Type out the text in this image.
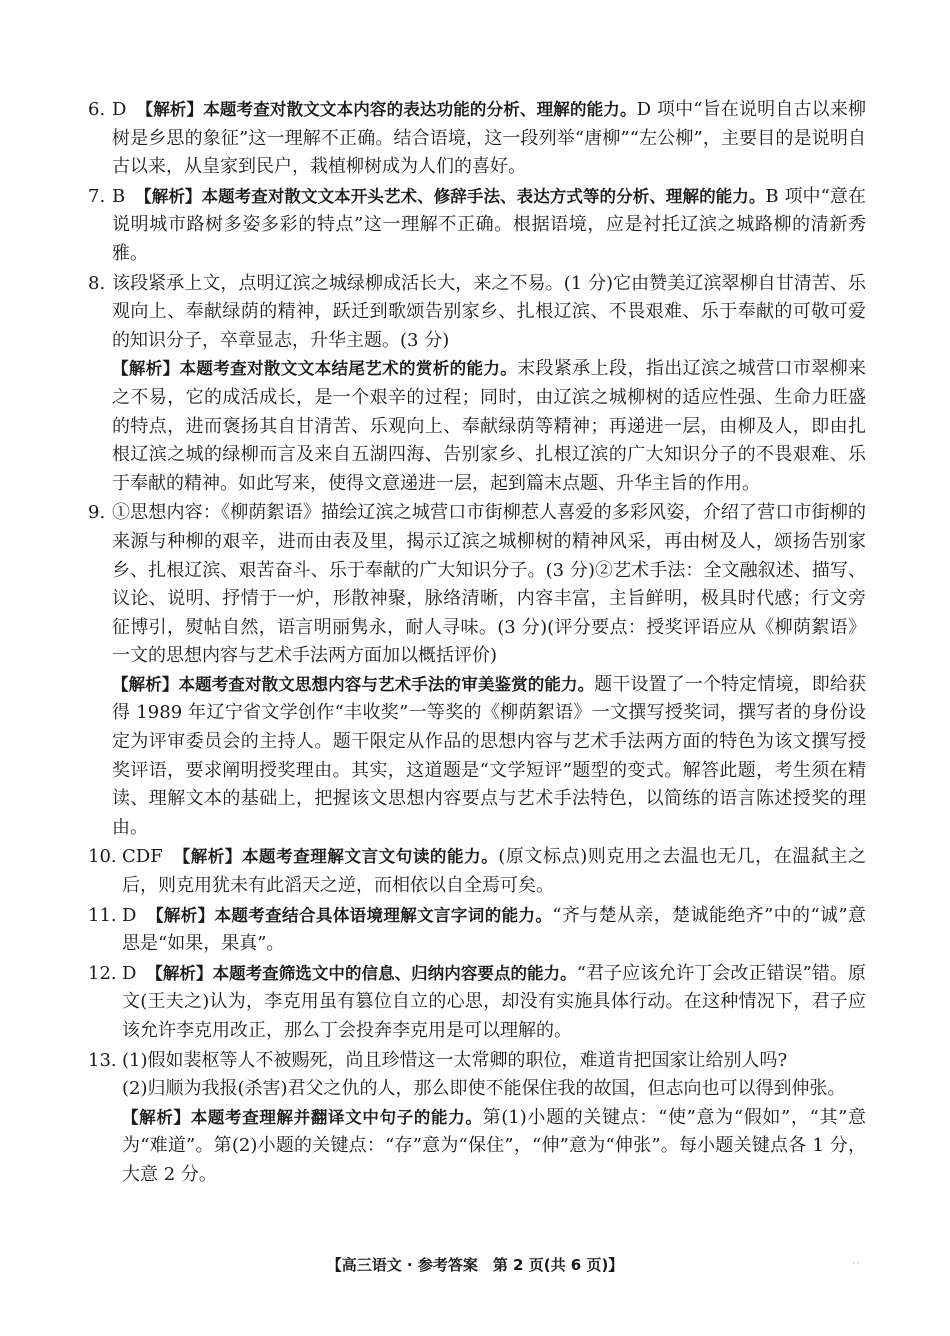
6. D　 【解析】本题考查对散文文本内容的表达功能的分析、理解的能力。D 项中“旨在说明自古以来柳树是乡思的象征”这一理解不正确。结合语境，这一段列举“唐柳”“左公柳”，主要目的是说明自古以来，从皇家到民户，栽植柳树成为人们的喜好。
7. B　 【解析】本题考查对散文文本开头艺术、修辞手法、表达方式等的分析、理解的能力。B 项中“意在说明城市路树多姿多彩的特点”这一理解不正确。根据语境，应是衬托辽滨之城路柳的清新秀雅。
8. 该段紧承上文，点明辽滨之城绿柳成活长大，来之不易。(1 分)它由赞美辽滨翠柳自甘清苦、乐观向上、奉献绿荫的精神，跃迁到歌颂告别家乡、扎根辽滨、不畏艰难、乐于奉献的可敬可爱的知识分子，卒章显志，升华主题。(3 分)
【解析】本题考查对散文文本结尾艺术的赏析的能力。末段紧承上段，指出辽滨之城营口市翠柳来之不易，它的成活成长，是一个艰辛的过程；同时，由辽滨之城柳树的适应性强、生命力旺盛的特点，进而褒扬其自甘清苦、乐观向上、奉献绿荫等精神；再递进一层，由柳及人，即由扎根辽滨之城的绿柳而言及来自五湖四海、告别家乡、扎根辽滨的广大知识分子的不畏艰难、乐于奉献的精神。如此写来，使得文意递进一层，起到篇末点题、升华主旨的作用。
9. ①思想内容：《柳荫絮语》描绘辽滨之城营口市街柳惹人喜爱的多彩风姿，介绍了营口市街柳的来源与种柳的艰辛，进而由表及里，揭示辽滨之城柳树的精神风采，再由树及人，颂扬告别家乡、扎根辽滨、艰苦奋斗、乐于奉献的广大知识分子。(3 分)②艺术手法：全文融叙述、描写、议论、说明、抒情于一炉，形散神聚，脉络清晰，内容丰富，主旨鲜明，极具时代感；行文旁征博引，熨帖自然，语言明丽隽永，耐人寻味。(3 分)(评分要点：授奖评语应从《柳荫絮语》一文的思想内容与艺术手法两方面加以概括评价)
【解析】本题考查对散文思想内容与艺术手法的审美鉴赏的能力。题干设置了一个特定情境，即给获得 1989 年辽宁省文学创作“丰收奖”一等奖的《柳荫絮语》一文撰写授奖词，撰写者的身份设定为评审委员会的主持人。题干限定从作品的思想内容与艺术手法两方面的特色为该文撰写授奖评语，要求阐明授奖理由。其实，这道题是“文学短评”题型的变式。解答此题，考生须在精读、理解文本的基础上，把握该文思想内容要点与艺术手法特色，以简练的语言陈述授奖的理由。
10. CDF　 【解析】本题考查理解文言文句读的能力。(原文标点)则克用之去温也无几，在温弑主之后，则克用犹未有此滔天之逆，而相依以自全焉可矣。
11. D　 【解析】本题考查结合具体语境理解文言字词的能力。“齐与楚从亲，楚诚能绝齐”中的“诚”意思是“如果，果真”。
12. D　 【解析】本题考查筛选文中的信息、归纳内容要点的能力。“君子应该允许丁会改正错误”错。原文(王夫之)认为，李克用虽有篡位自立的心思，却没有实施具体行动。在这种情况下，君子应该允许李克用改正，那么丁会投奔李克用是可以理解的。
13. (1)假如裴枢等人不被赐死，尚且珍惜这一太常卿的职位，难道肯把国家让给别人吗?
(2)归顺为我报(杀害)君父之仇的人，那么即使不能保住我的故国，但志向也可以得到伸张。
【解析】本题考查理解并翻译文中句子的能力。第(1)小题的关键点：“使”意为“假如”，“其”意为“难道”。第(2)小题的关键点：“存”意为“保住”，“伸”意为“伸张”。每小题关键点各 1 分，大意 2 分。
【高三语文 · 参考答案　第 2 页(共 6 页)】	··
